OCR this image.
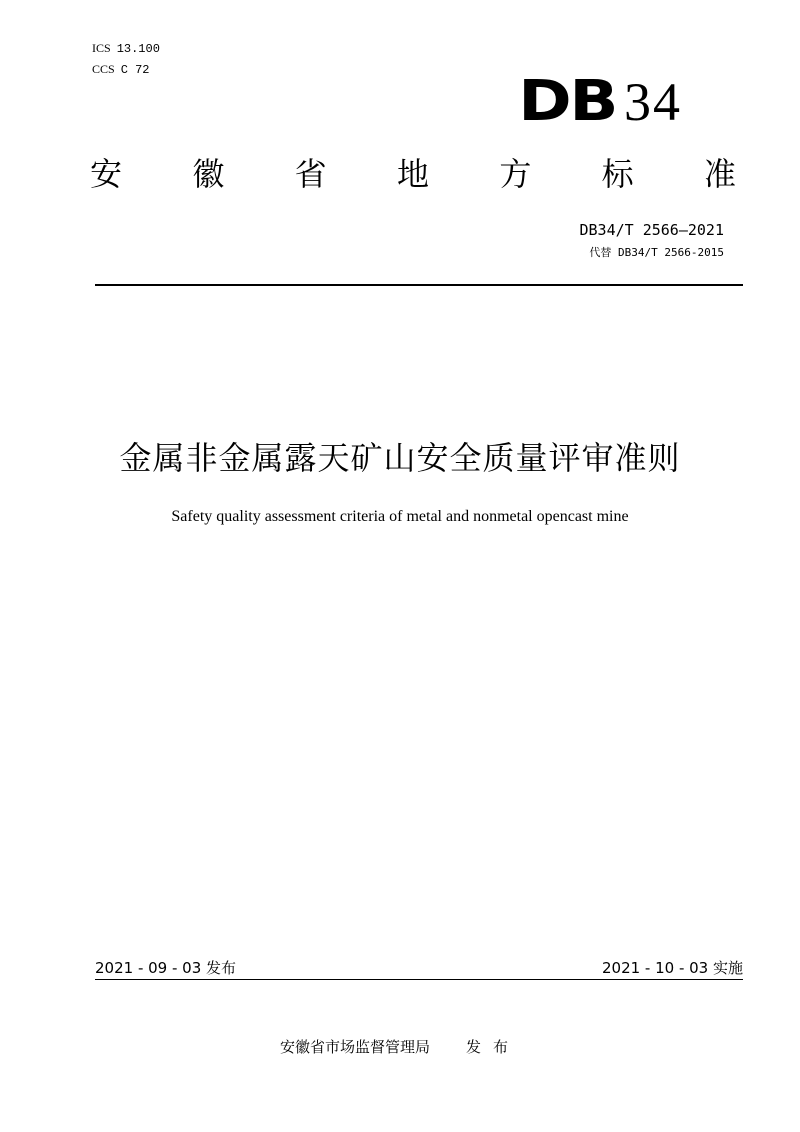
ICS 13.100
CCS C 72	DB 34
安 徽 省 地 方 标 准
DB34/T 2566—2021
代替 DB34/T 2566-2015
金属非金属露天矿山安全质量评审准则
Safety quality assessment criteria of metal and nonmetal opencast mine
2021 - 09 - 03 发布	2021 - 10 - 03 实施
安徽省市场监督管理局 发布
